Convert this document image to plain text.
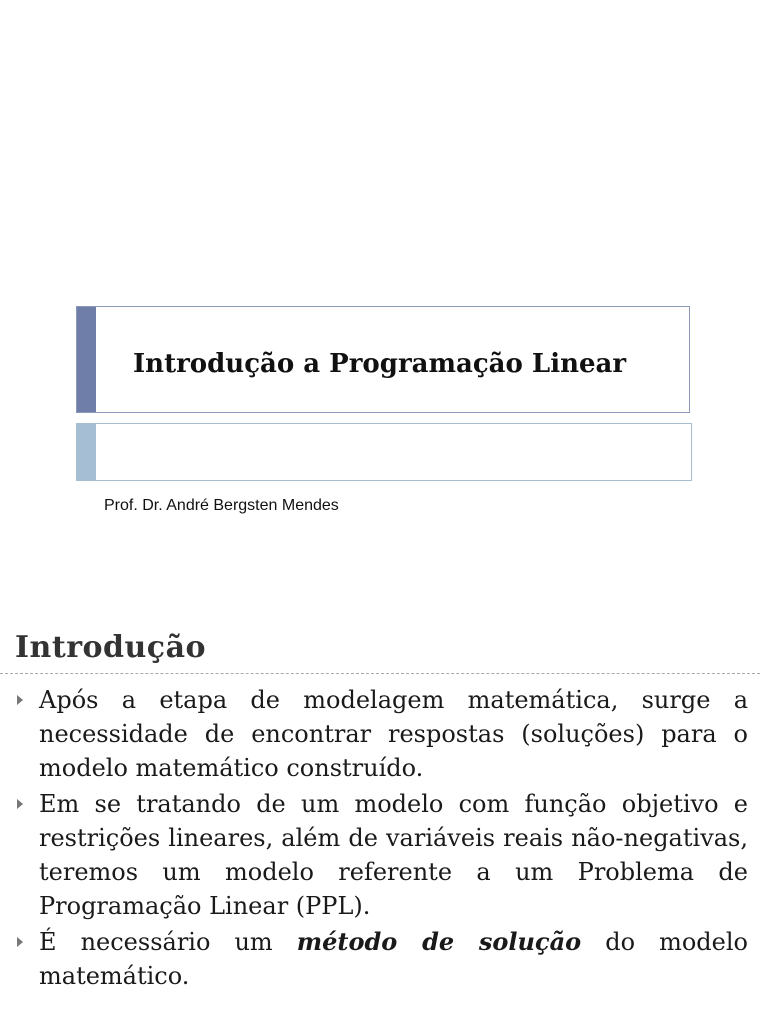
Introdução a Programação Linear
Prof. Dr. André Bergsten Mendes
Introdução
Após a etapa de modelagem matemática, surge a necessidade de encontrar respostas (soluções) para o modelo matemático construído.
Em se tratando de um modelo com função objetivo e restrições lineares, além de variáveis reais não-negativas, teremos um modelo referente a um Problema de Programação Linear (PPL).
É necessário um método de solução do modelo matemático.
